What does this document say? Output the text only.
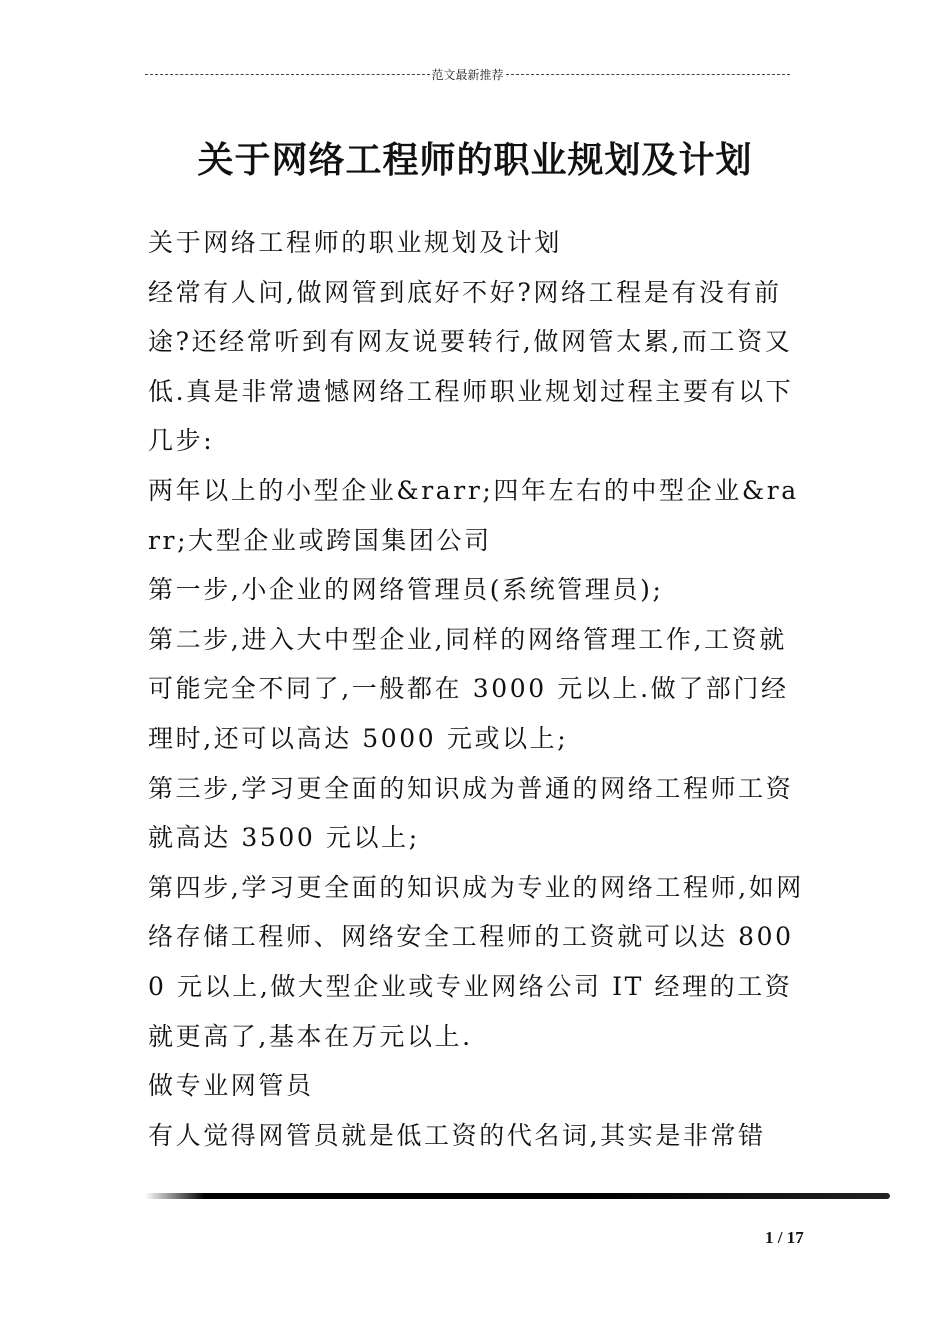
范文最新推荐
关于网络工程师的职业规划及计划

关于网络工程师的职业规划及计划

经常有人问,做网管到底好不好?网络工程是有没有前途?还经常听到有网友说要转行,做网管太累,而工资又低.真是非常遗憾网络工程师职业规划过程主要有以下几步:

两年以上的小型企业&rarr;四年左右的中型企业&rarr;大型企业或跨国集团公司

第一步,小企业的网络管理员(系统管理员);

第二步,进入大中型企业,同样的网络管理工作,工资就可能完全不同了,一般都在 3000 元以上.做了部门经理时,还可以高达 5000 元或以上;

第三步,学习更全面的知识成为普通的网络工程师工资就高达 3500 元以上;

第四步,学习更全面的知识成为专业的网络工程师,如网络存储工程师、网络安全工程师的工资就可以达 8000 元以上,做大型企业或专业网络公司 IT 经理的工资就更高了,基本在万元以上.

做专业网管员

有人觉得网管员就是低工资的代名词,其实是非常错

1 / 17
